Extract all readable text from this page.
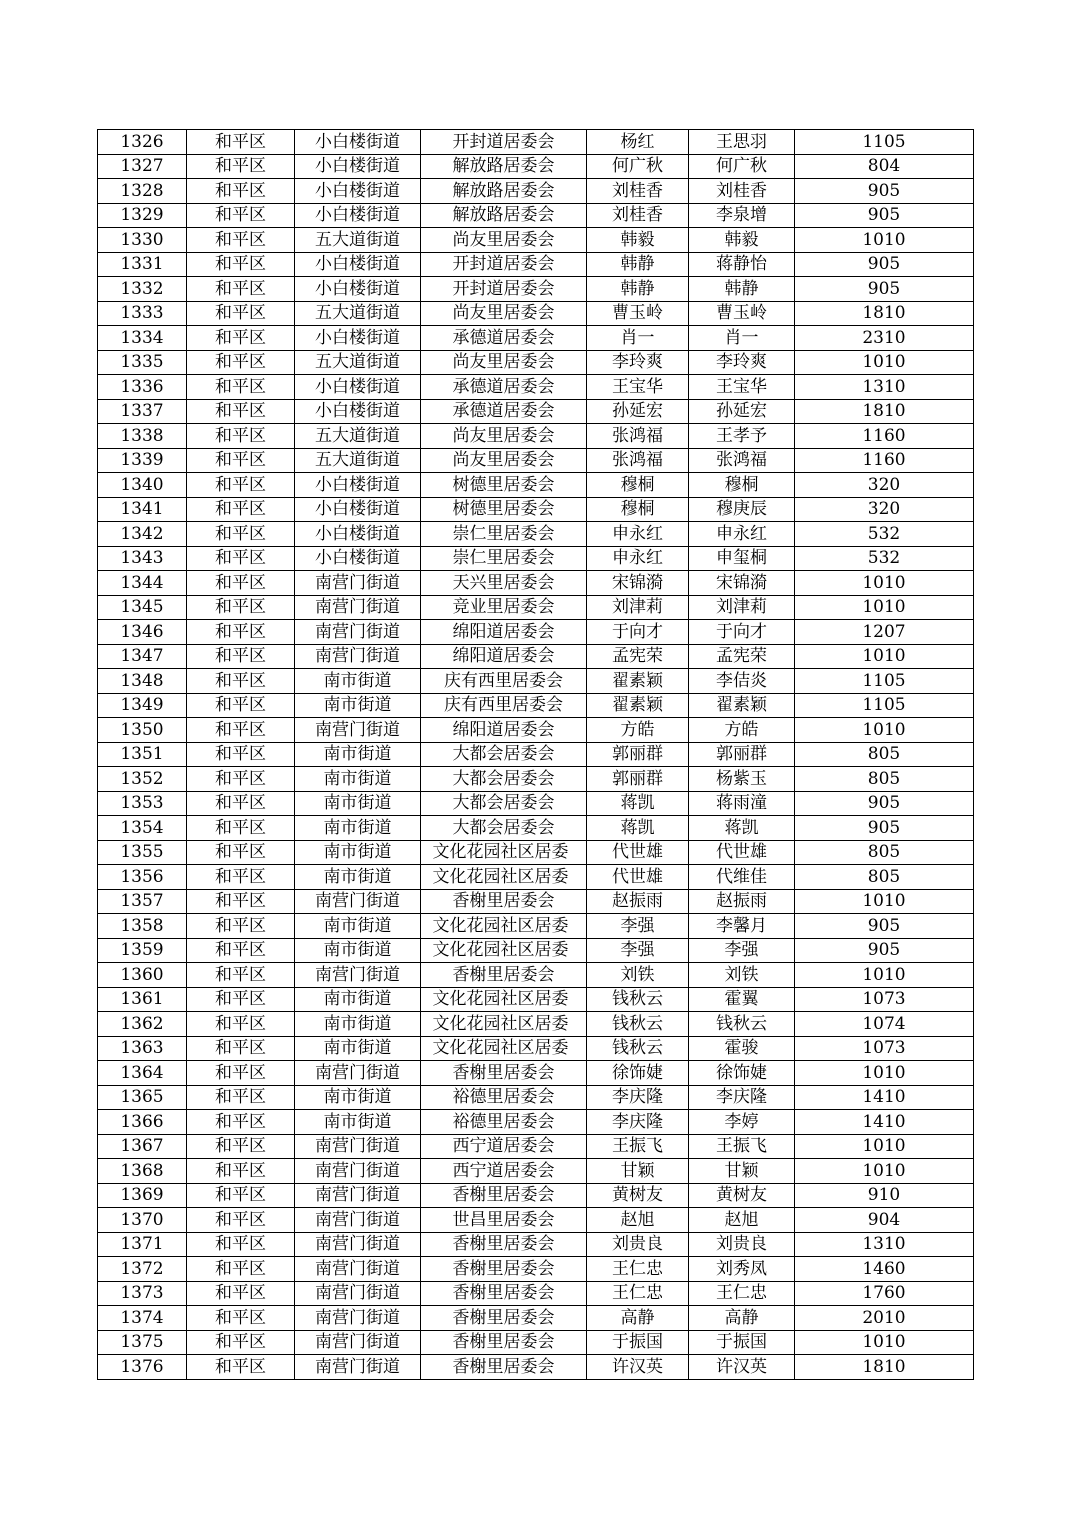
1326	和平区	小白楼街道	开封道居委会	杨红	王思羽	1105
1327	和平区	小白楼街道	解放路居委会	何广秋	何广秋	804
1328	和平区	小白楼街道	解放路居委会	刘桂香	刘桂香	905
1329	和平区	小白楼街道	解放路居委会	刘桂香	李泉增	905
1330	和平区	五大道街道	尚友里居委会	韩毅	韩毅	1010
1331	和平区	小白楼街道	开封道居委会	韩静	蒋静怡	905
1332	和平区	小白楼街道	开封道居委会	韩静	韩静	905
1333	和平区	五大道街道	尚友里居委会	曹玉岭	曹玉岭	1810
1334	和平区	小白楼街道	承德道居委会	肖一	肖一	2310
1335	和平区	五大道街道	尚友里居委会	李玲爽	李玲爽	1010
1336	和平区	小白楼街道	承德道居委会	王宝华	王宝华	1310
1337	和平区	小白楼街道	承德道居委会	孙延宏	孙延宏	1810
1338	和平区	五大道街道	尚友里居委会	张鸿福	王孝予	1160
1339	和平区	五大道街道	尚友里居委会	张鸿福	张鸿福	1160
1340	和平区	小白楼街道	树德里居委会	穆桐	穆桐	320
1341	和平区	小白楼街道	树德里居委会	穆桐	穆庚辰	320
1342	和平区	小白楼街道	崇仁里居委会	申永红	申永红	532
1343	和平区	小白楼街道	崇仁里居委会	申永红	申玺桐	532
1344	和平区	南营门街道	天兴里居委会	宋锦漪	宋锦漪	1010
1345	和平区	南营门街道	竞业里居委会	刘津莉	刘津莉	1010
1346	和平区	南营门街道	绵阳道居委会	于向才	于向才	1207
1347	和平区	南营门街道	绵阳道居委会	孟宪荣	孟宪荣	1010
1348	和平区	南市街道	庆有西里居委会	翟素颖	李佶炎	1105
1349	和平区	南市街道	庆有西里居委会	翟素颖	翟素颖	1105
1350	和平区	南营门街道	绵阳道居委会	方皓	方皓	1010
1351	和平区	南市街道	大都会居委会	郭丽群	郭丽群	805
1352	和平区	南市街道	大都会居委会	郭丽群	杨紫玉	805
1353	和平区	南市街道	大都会居委会	蒋凯	蒋雨潼	905
1354	和平区	南市街道	大都会居委会	蒋凯	蒋凯	905
1355	和平区	南市街道	文化花园社区居委	代世雄	代世雄	805
1356	和平区	南市街道	文化花园社区居委	代世雄	代维佳	805
1357	和平区	南营门街道	香榭里居委会	赵振雨	赵振雨	1010
1358	和平区	南市街道	文化花园社区居委	李强	李馨月	905
1359	和平区	南市街道	文化花园社区居委	李强	李强	905
1360	和平区	南营门街道	香榭里居委会	刘铁	刘铁	1010
1361	和平区	南市街道	文化花园社区居委	钱秋云	霍翼	1073
1362	和平区	南市街道	文化花园社区居委	钱秋云	钱秋云	1074
1363	和平区	南市街道	文化花园社区居委	钱秋云	霍骏	1073
1364	和平区	南营门街道	香榭里居委会	徐饰婕	徐饰婕	1010
1365	和平区	南市街道	裕德里居委会	李庆隆	李庆隆	1410
1366	和平区	南市街道	裕德里居委会	李庆隆	李婷	1410
1367	和平区	南营门街道	西宁道居委会	王振飞	王振飞	1010
1368	和平区	南营门街道	西宁道居委会	甘颖	甘颖	1010
1369	和平区	南营门街道	香榭里居委会	黄树友	黄树友	910
1370	和平区	南营门街道	世昌里居委会	赵旭	赵旭	904
1371	和平区	南营门街道	香榭里居委会	刘贵良	刘贵良	1310
1372	和平区	南营门街道	香榭里居委会	王仁忠	刘秀凤	1460
1373	和平区	南营门街道	香榭里居委会	王仁忠	王仁忠	1760
1374	和平区	南营门街道	香榭里居委会	高静	高静	2010
1375	和平区	南营门街道	香榭里居委会	于振国	于振国	1010
1376	和平区	南营门街道	香榭里居委会	许汉英	许汉英	1810
